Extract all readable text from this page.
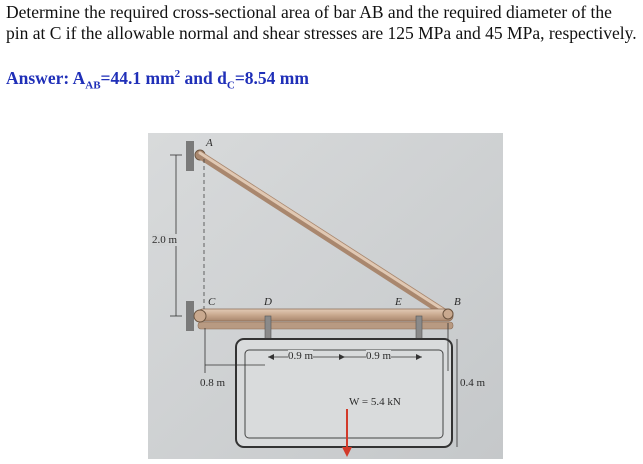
Determine the required cross-sectional area of bar AB and the required diameter of the pin at C if the allowable normal and shear stresses are 125 MPa and 45 MPa, respectively.

Answer: $A_{AB}=44.1$ $mm^2$ and $d_C=8.54$ mm

A
C	D	E	B
2.0 m
0.9 m	0.9 m
0.8 m	0.4 m
W = 5.4 kN
